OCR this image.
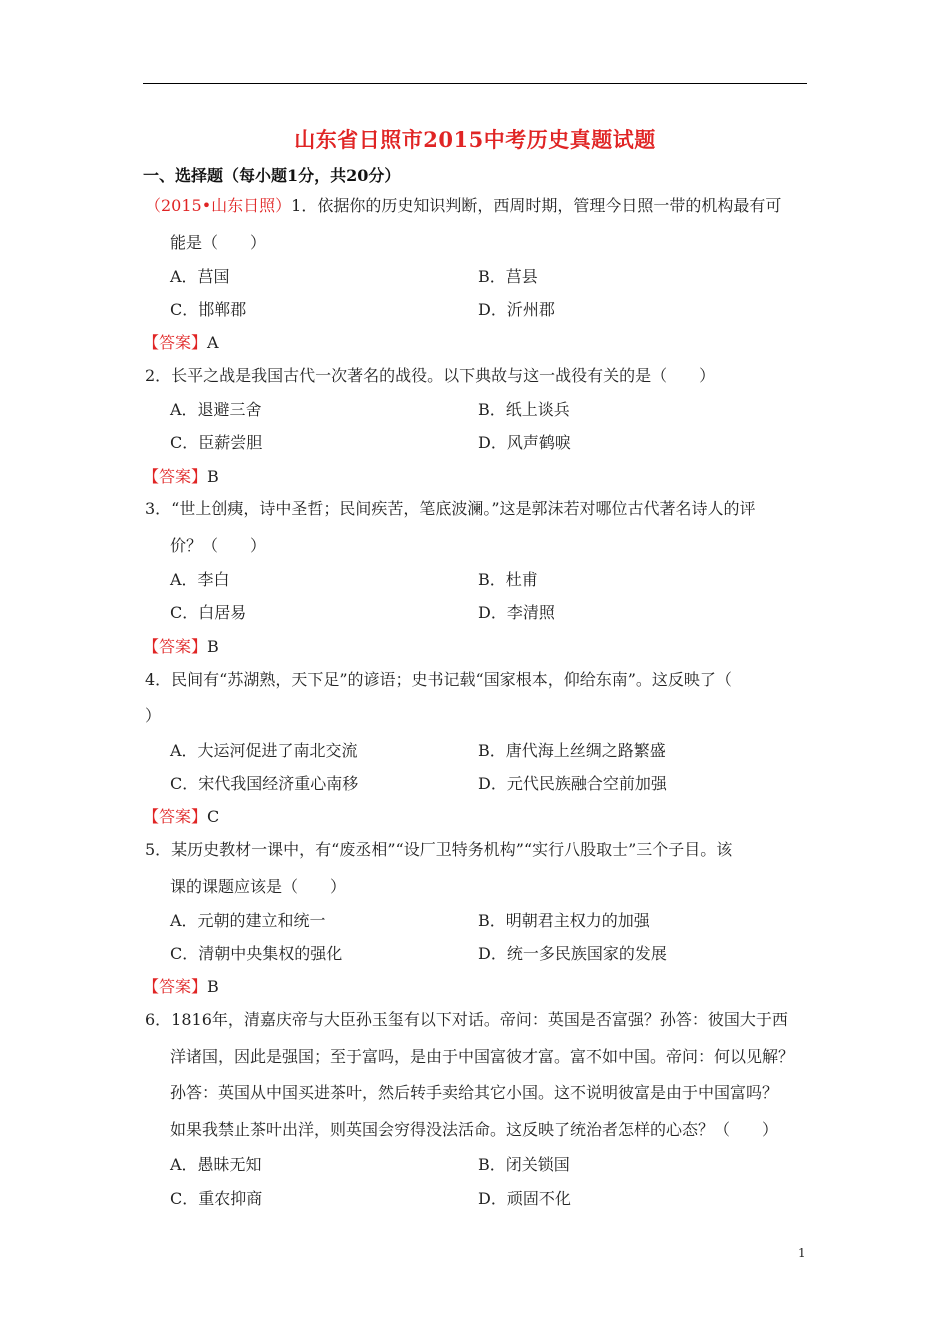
山东省日照市2015中考历史真题试题
一、选择题（每小题1分，共20分）
（2015•山东日照）1．依据你的历史知识判断，西周时期，管理今日照一带的机构最有可
能是（　　）
A．莒国	B．莒县
C．邯郸郡	D．沂州郡
【答案】A
2．长平之战是我国古代一次著名的战役。以下典故与这一战役有关的是（　　）
A．退避三舍	B．纸上谈兵
C．臣薪尝胆	D．风声鹤唳
【答案】B
3．“世上创痍，诗中圣哲；民间疾苦，笔底波澜。”这是郭沫若对哪位古代著名诗人的评
价？（　　）
A．李白	B．杜甫
C．白居易	D．李清照
【答案】B
4．民间有“苏湖熟，天下足”的谚语；史书记载“国家根本，仰给东南”。这反映了（
）
A．大运河促进了南北交流	B．唐代海上丝绸之路繁盛
C．宋代我国经济重心南移	D．元代民族融合空前加强
【答案】C
5．某历史教材一课中，有“废丞相”“设厂卫特务机构”“实行八股取士”三个子目。该
课的课题应该是（　　）
A．元朝的建立和统一	B．明朝君主权力的加强
C．清朝中央集权的强化	D．统一多民族国家的发展
【答案】B
6．1816年，清嘉庆帝与大臣孙玉玺有以下对话。帝问：英国是否富强？孙答：彼国大于西
洋诸国，因此是强国；至于富吗，是由于中国富彼才富。富不如中国。帝问：何以见解？
孙答：英国从中国买进茶叶，然后转手卖给其它小国。这不说明彼富是由于中国富吗？
如果我禁止茶叶出洋，则英国会穷得没法活命。这反映了统治者怎样的心态？（　　）
A．愚昧无知	B．闭关锁国
C．重农抑商	D．顽固不化
1
